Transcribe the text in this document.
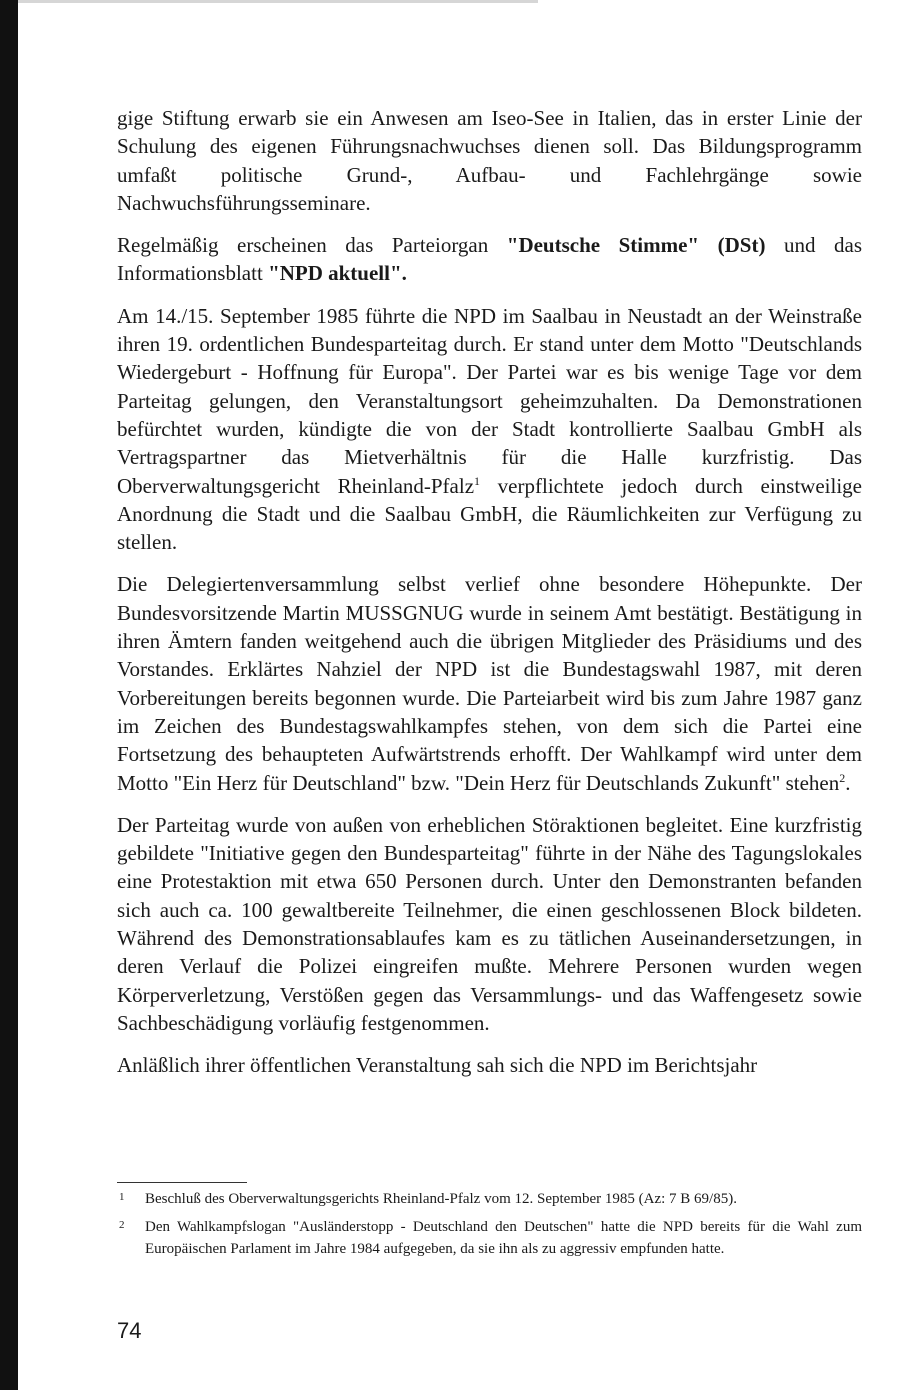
gige Stiftung erwarb sie ein Anwesen am Iseo-See in Italien, das in erster Linie der Schulung des eigenen Führungsnachwuchses dienen soll. Das Bildungsprogramm umfaßt politische Grund-, Aufbau- und Fachlehrgänge sowie Nachwuchsführungsseminare.

Regelmäßig erscheinen das Parteiorgan "Deutsche Stimme" (DSt) und das Informationsblatt "NPD aktuell".

Am 14./15. September 1985 führte die NPD im Saalbau in Neustadt an der Weinstraße ihren 19. ordentlichen Bundesparteitag durch. Er stand unter dem Motto "Deutschlands Wiedergeburt - Hoffnung für Europa". Der Partei war es bis wenige Tage vor dem Parteitag gelungen, den Veranstaltungsort geheimzuhalten. Da Demonstrationen befürchtet wurden, kündigte die von der Stadt kontrollierte Saalbau GmbH als Vertragspartner das Mietverhältnis für die Halle kurzfristig. Das Oberverwaltungsgericht Rheinland-Pfalz$^1$ verpflichtete jedoch durch einstweilige Anordnung die Stadt und die Saalbau GmbH, die Räumlichkeiten zur Verfügung zu stellen.

Die Delegiertenversammlung selbst verlief ohne besondere Höhepunkte. Der Bundesvorsitzende Martin MUSSGNUG wurde in seinem Amt bestätigt. Bestätigung in ihren Ämtern fanden weitgehend auch die übrigen Mitglieder des Präsidiums und des Vorstandes. Erklärtes Nahziel der NPD ist die Bundestagswahl 1987, mit deren Vorbereitungen bereits begonnen wurde. Die Parteiarbeit wird bis zum Jahre 1987 ganz im Zeichen des Bundestagswahlkampfes stehen, von dem sich die Partei eine Fortsetzung des behaupteten Aufwärtstrends erhofft. Der Wahlkampf wird unter dem Motto "Ein Herz für Deutschland" bzw. "Dein Herz für Deutschlands Zukunft" stehen$^2$.

Der Parteitag wurde von außen von erheblichen Störaktionen begleitet. Eine kurzfristig gebildete "Initiative gegen den Bundesparteitag" führte in der Nähe des Tagungslokales eine Protestaktion mit etwa 650 Personen durch. Unter den Demonstranten befanden sich auch ca. 100 gewaltbereite Teilnehmer, die einen geschlossenen Block bildeten. Während des Demonstrationsablaufes kam es zu tätlichen Auseinandersetzungen, in deren Verlauf die Polizei eingreifen mußte. Mehrere Personen wurden wegen Körperverletzung, Verstößen gegen das Versammlungs- und das Waffengesetz sowie Sachbeschädigung vorläufig festgenommen.

Anläßlich ihrer öffentlichen Veranstaltung sah sich die NPD im Berichtsjahr

1 Beschluß des Oberverwaltungsgerichts Rheinland-Pfalz vom 12. September 1985 (Az: 7 B 69/85).
2 Den Wahlkampfslogan "Ausländerstopp - Deutschland den Deutschen" hatte die NPD bereits für die Wahl zum Europäischen Parlament im Jahre 1984 aufgegeben, da sie ihn als zu aggressiv empfunden hatte.
74
